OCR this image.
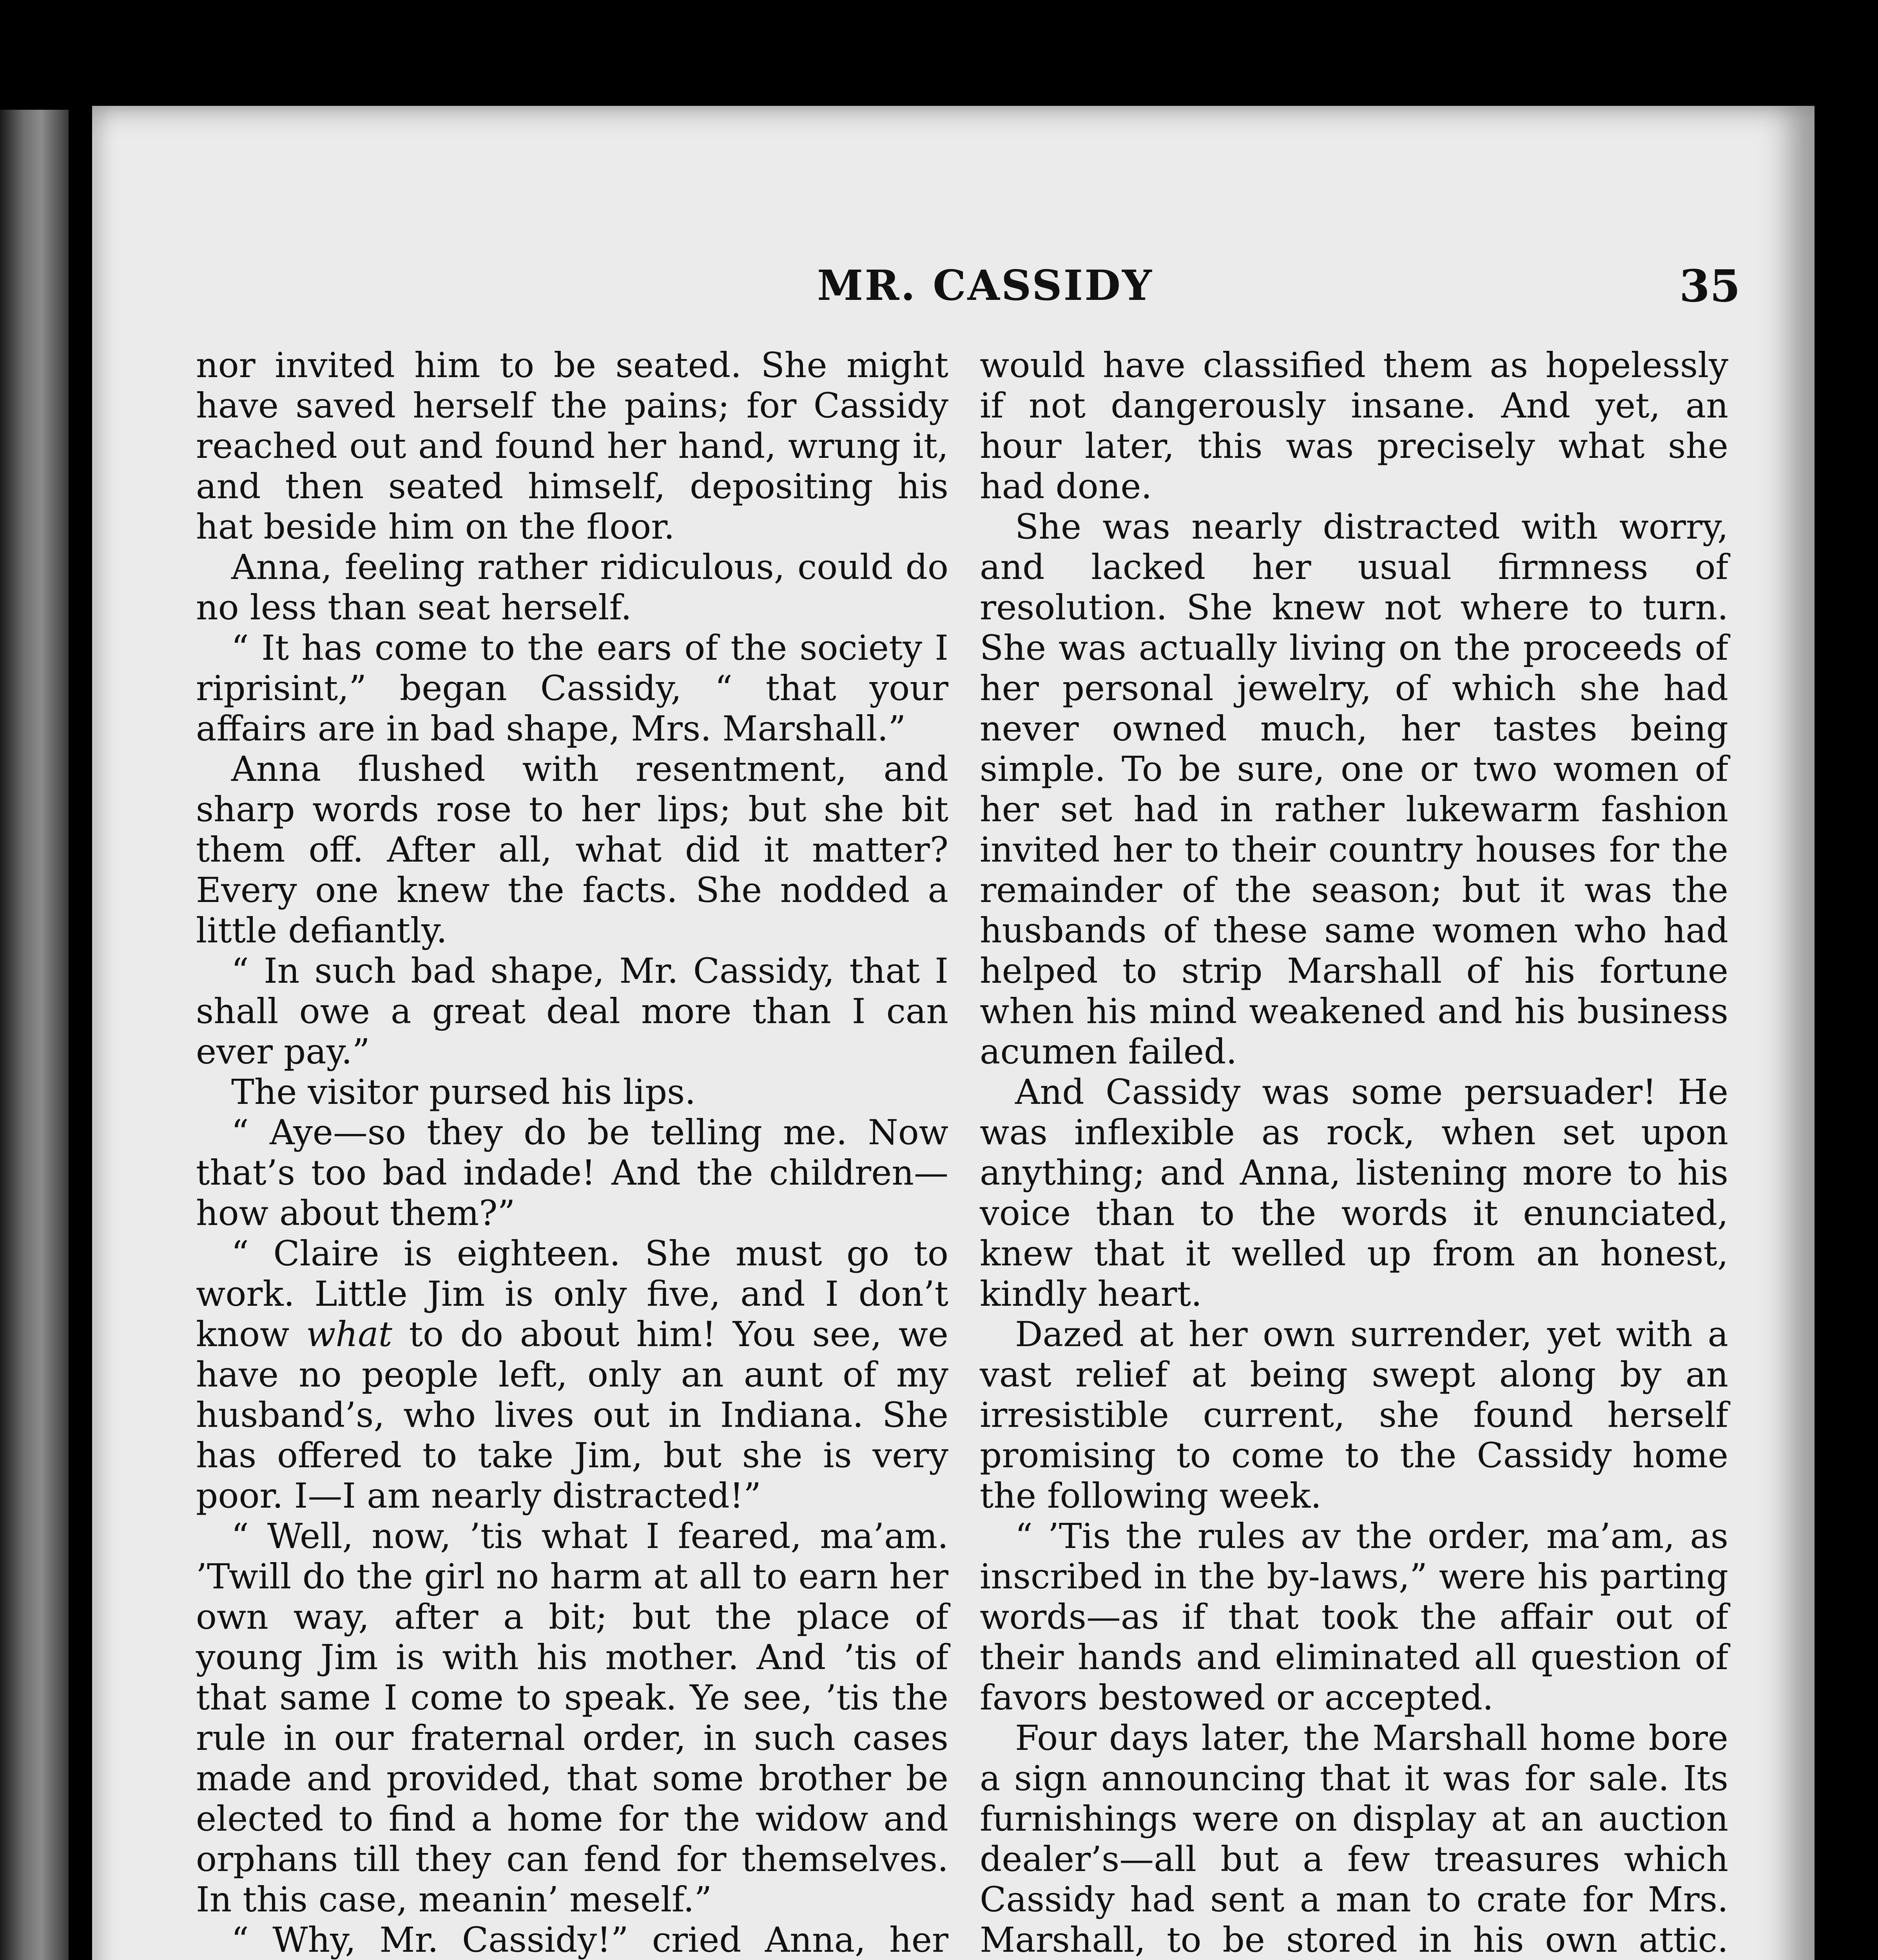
MR. CASSIDY	35

nor invited him to be seated. She might have saved herself the pains; for Cassidy reached out and found her hand, wrung it, and then seated himself, depositing his hat beside him on the floor.

Anna, feeling rather ridiculous, could do no less than seat herself.

“ It has come to the ears of the society I riprisint,” began Cassidy, “ that your affairs are in bad shape, Mrs. Marshall.”

Anna flushed with resentment, and sharp words rose to her lips; but she bit them off. After all, what did it matter? Every one knew the facts. She nodded a little defiantly.

“ In such bad shape, Mr. Cassidy, that I shall owe a great deal more than I can ever pay.”

The visitor pursed his lips.

“ Aye—so they do be telling me. Now that’s too bad indade! And the children—how about them?”

“ Claire is eighteen. She must go to work. Little Jim is only five, and I don’t know what to do about him! You see, we have no people left, only an aunt of my husband’s, who lives out in Indiana. She has offered to take Jim, but she is very poor. I—I am nearly distracted!”

“ Well, now, ’tis what I feared, ma’am. ’Twill do the girl no harm at all to earn her own way, after a bit; but the place of young Jim is with his mother. And ’tis of that same I come to speak. Ye see, ’tis the rule in our fraternal order, in such cases made and provided, that some brother be elected to find a home for the widow and orphans till they can fend for themselves. In this case, meanin’ meself.”

“ Why, Mr. Cassidy!” cried Anna, her

would have classified them as hopelessly if not dangerously insane. And yet, an hour later, this was precisely what she had done.

She was nearly distracted with worry, and lacked her usual firmness of resolution. She knew not where to turn. She was actually living on the proceeds of her personal jewelry, of which she had never owned much, her tastes being simple. To be sure, one or two women of her set had in rather lukewarm fashion invited her to their country houses for the remainder of the season; but it was the husbands of these same women who had helped to strip Marshall of his fortune when his mind weakened and his business acumen failed.

And Cassidy was some persuader! He was inflexible as rock, when set upon anything; and Anna, listening more to his voice than to the words it enunciated, knew that it welled up from an honest, kindly heart.

Dazed at her own surrender, yet with a vast relief at being swept along by an irresistible current, she found herself promising to come to the Cassidy home the following week.

“ ’Tis the rules av the order, ma’am, as inscribed in the by-laws,” were his parting words—as if that took the affair out of their hands and eliminated all question of favors bestowed or accepted.

Four days later, the Marshall home bore a sign announcing that it was for sale. Its furnishings were on display at an auction dealer’s—all but a few treasures which Cassidy had sent a man to crate for Mrs. Marshall, to be stored in his own attic.
